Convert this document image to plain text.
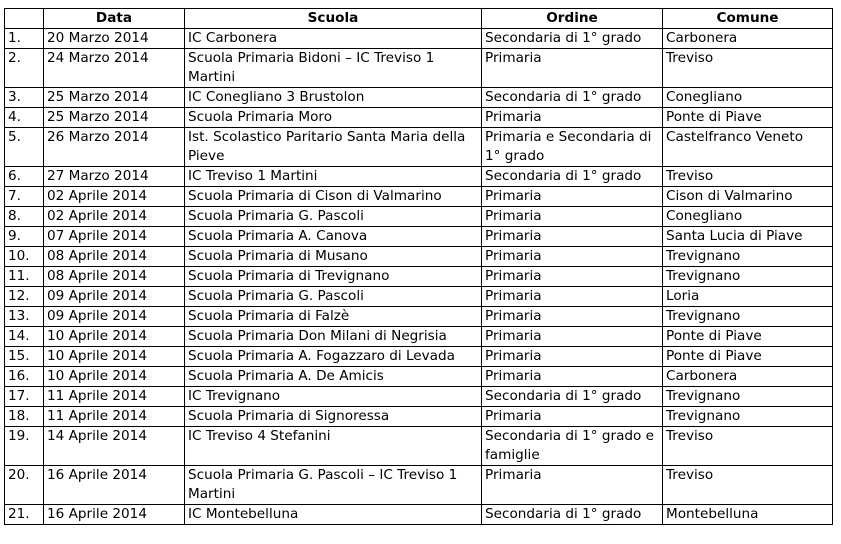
	Data	Scuola	Ordine	Comune
1.	20 Marzo 2014	IC Carbonera	Secondaria di 1° grado	Carbonera
2.	24 Marzo 2014	Scuola Primaria Bidoni – IC Treviso 1 Martini	Primaria	Treviso
3.	25 Marzo 2014	IC Conegliano 3 Brustolon	Secondaria di 1° grado	Conegliano
4.	25 Marzo 2014	Scuola Primaria Moro	Primaria	Ponte di Piave
5.	26 Marzo 2014	Ist. Scolastico Paritario Santa Maria della Pieve	Primaria e Secondaria di 1° grado	Castelfranco Veneto
6.	27 Marzo 2014	IC Treviso 1 Martini	Secondaria di 1° grado	Treviso
7.	02 Aprile 2014	Scuola Primaria di Cison di Valmarino	Primaria	Cison di Valmarino
8.	02 Aprile 2014	Scuola Primaria G. Pascoli	Primaria	Conegliano
9.	07 Aprile 2014	Scuola Primaria A. Canova	Primaria	Santa Lucia di Piave
10.	08 Aprile 2014	Scuola Primaria di Musano	Primaria	Trevignano
11.	08 Aprile 2014	Scuola Primaria di Trevignano	Primaria	Trevignano
12.	09 Aprile 2014	Scuola Primaria G. Pascoli	Primaria	Loria
13.	09 Aprile 2014	Scuola Primaria di Falzè	Primaria	Trevignano
14.	10 Aprile 2014	Scuola Primaria Don Milani di Negrisia	Primaria	Ponte di Piave
15.	10 Aprile 2014	Scuola Primaria A. Fogazzaro di Levada	Primaria	Ponte di Piave
16.	10 Aprile 2014	Scuola Primaria A. De Amicis	Primaria	Carbonera
17.	11 Aprile 2014	IC Trevignano	Secondaria di 1° grado	Trevignano
18.	11 Aprile 2014	Scuola Primaria di Signoressa	Primaria	Trevignano
19.	14 Aprile 2014	IC Treviso 4 Stefanini	Secondaria di 1° grado e famiglie	Treviso
20.	16 Aprile 2014	Scuola Primaria G. Pascoli – IC Treviso 1 Martini	Primaria	Treviso
21.	16 Aprile 2014	IC Montebelluna	Secondaria di 1° grado	Montebelluna
